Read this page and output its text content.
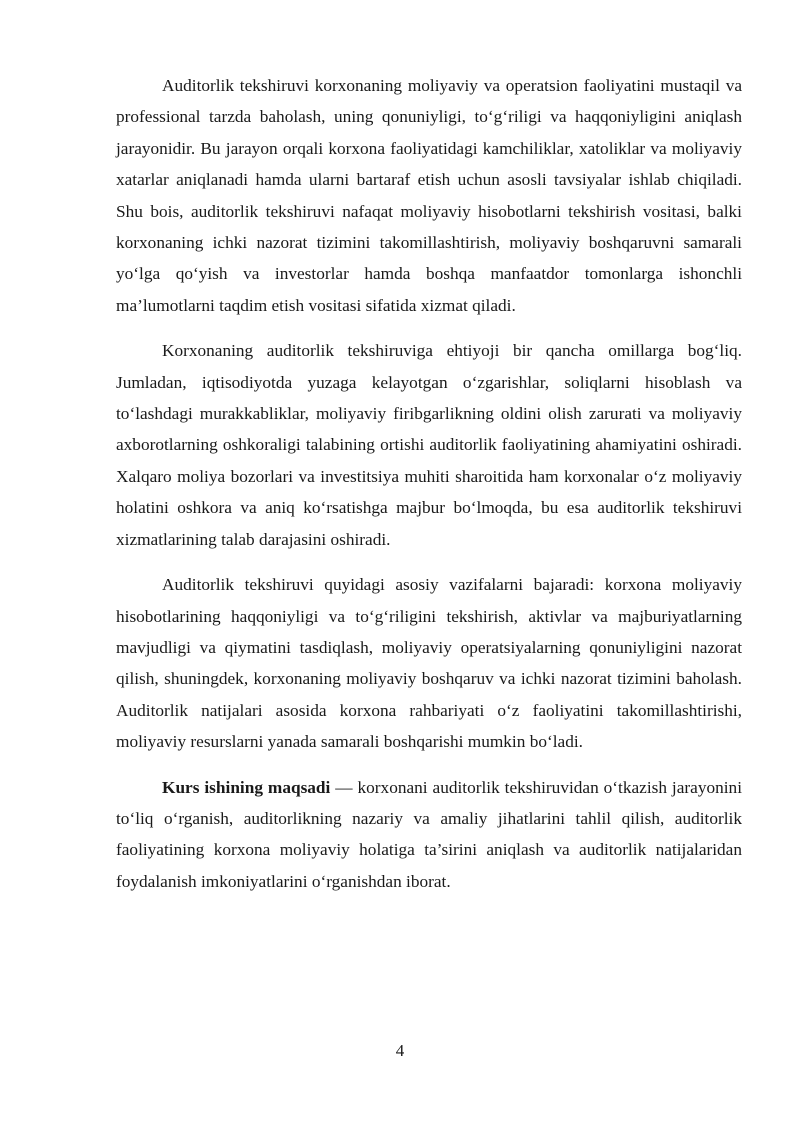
Auditorlik tekshiruvi korxonaning moliyaviy va operatsion faoliyatini mustaqil va professional tarzda baholash, uning qonuniyligi, to‘g‘riligi va haqqoniyligini aniqlash jarayonidir. Bu jarayon orqali korxona faoliyatidagi kamchiliklar, xatoliklar va moliyaviy xatarlar aniqlanadi hamda ularni bartaraf etish uchun asosli tavsiyalar ishlab chiqiladi. Shu bois, auditorlik tekshiruvi nafaqat moliyaviy hisobotlarni tekshirish vositasi, balki korxonaning ichki nazorat tizimini takomillashtirish, moliyaviy boshqaruvni samarali yo‘lga qo‘yish va investorlar hamda boshqa manfaatdor tomonlarga ishonchli ma’lumotlarni taqdim etish vositasi sifatida xizmat qiladi.

Korxonaning auditorlik tekshiruviga ehtiyoji bir qancha omillarga bog‘liq. Jumladan, iqtisodiyotda yuzaga kelayotgan o‘zgarishlar, soliqlarni hisoblash va to‘lashdagi murakkabliklar, moliyaviy firibgarlikning oldini olish zarurati va moliyaviy axborotlarning oshkoraligi talabining ortishi auditorlik faoliyatining ahamiyatini oshiradi. Xalqaro moliya bozorlari va investitsiya muhiti sharoitida ham korxonalar o‘z moliyaviy holatini oshkora va aniq ko‘rsatishga majbur bo‘lmoqda, bu esa auditorlik tekshiruvi xizmatlarining talab darajasini oshiradi.

Auditorlik tekshiruvi quyidagi asosiy vazifalarni bajaradi: korxona moliyaviy hisobotlarining haqqoniyligi va to‘g‘riligini tekshirish, aktivlar va majburiyatlarning mavjudligi va qiymatini tasdiqlash, moliyaviy operatsiyalarning qonuniyligini nazorat qilish, shuningdek, korxonaning moliyaviy boshqaruv va ichki nazorat tizimini baholash. Auditorlik natijalari asosida korxona rahbariyati o‘z faoliyatini takomillashtirishi, moliyaviy resurslarni yanada samarali boshqarishi mumkin bo‘ladi.

Kurs ishining maqsadi — korxonani auditorlik tekshiruvidan o‘tkazish jarayonini to‘liq o‘rganish, auditorlikning nazariy va amaliy jihatlarini tahlil qilish, auditorlik faoliyatining korxona moliyaviy holatiga ta’sirini aniqlash va auditorlik natijalaridan foydalanish imkoniyatlarini o‘rganishdan iborat.

4
